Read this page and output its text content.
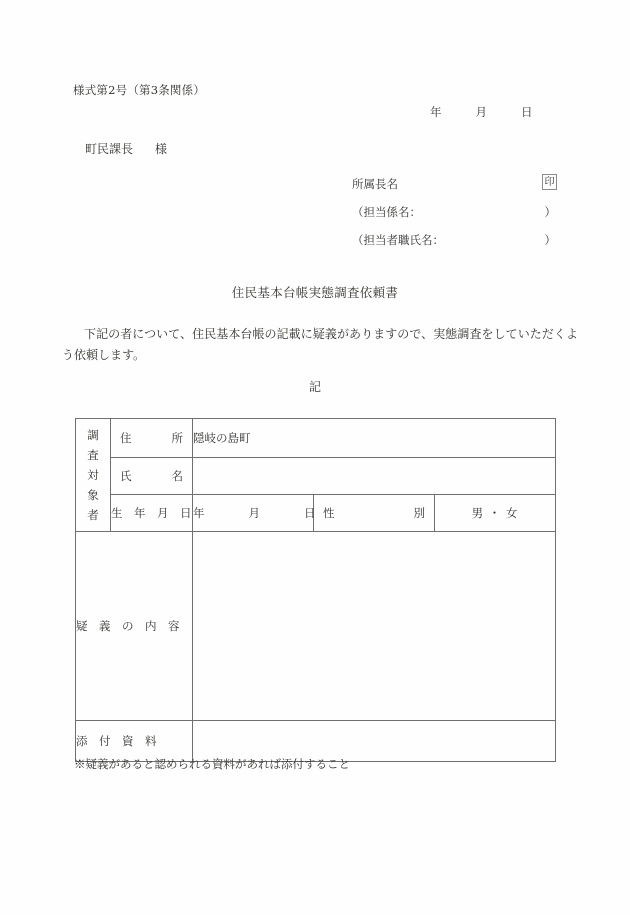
様式第2号（第3条関係）
年	月	日
町民課長 様
所属長名	印
（担当係名：	）
（担当者職氏名：	）
住民基本台帳実態調査依頼書
下記の者について、住民基本台帳の記載に疑義がありますので、実態調査をしていただくよう依頼します。
記
調
査
対
象
者	住 所	隠岐の島町		

	氏 名			

	生　年　月　日	年 月 日	性 別	男 ・ 女
疑　義　の　内　容				
添　付　資　料				
※疑義があると認められる資料があれば添付すること
